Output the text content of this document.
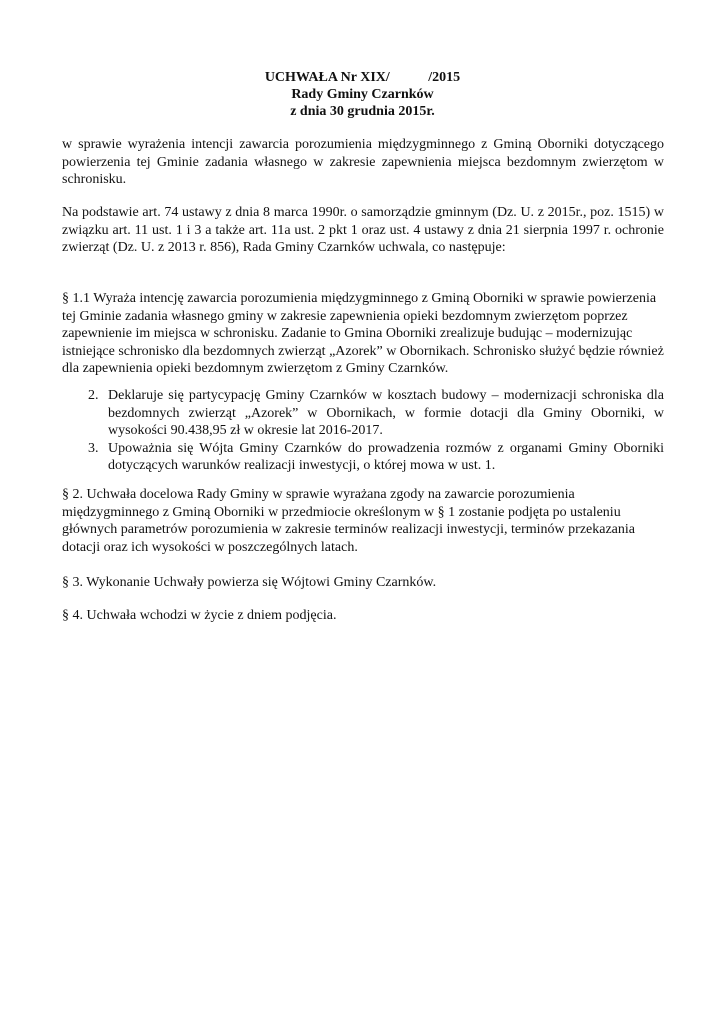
UCHWAŁA Nr XIX/           /2015
Rady Gminy Czarnków
z dnia 30 grudnia 2015r.
w sprawie wyrażenia intencji zawarcia porozumienia międzygminnego z Gminą Oborniki dotyczącego powierzenia tej Gminie zadania własnego w zakresie zapewnienia miejsca bezdomnym zwierzętom w schronisku.
Na podstawie art. 74 ustawy z dnia 8 marca 1990r. o samorządzie gminnym (Dz. U. z 2015r., poz. 1515) w związku art. 11 ust. 1 i 3 a także art. 11a ust. 2 pkt 1 oraz ust. 4 ustawy z dnia 21 sierpnia 1997 r. ochronie zwierząt (Dz. U. z 2013 r. 856), Rada Gminy Czarnków uchwala, co następuje:
§ 1.1 Wyraża intencję zawarcia porozumienia międzygminnego z Gminą Oborniki w sprawie powierzenia tej Gminie zadania własnego gminy w zakresie zapewnienia opieki bezdomnym zwierzętom poprzez zapewnienie im miejsca w schronisku. Zadanie to Gmina Oborniki zrealizuje budując – modernizując istniejące schronisko dla bezdomnych zwierząt „Azorek” w Obornikach. Schronisko służyć będzie również dla zapewnienia opieki bezdomnym zwierzętom z Gminy Czarnków.
2. Deklaruje się partycypację Gminy Czarnków w kosztach budowy – modernizacji schroniska dla bezdomnych zwierząt „Azorek” w Obornikach, w formie dotacji dla Gminy Oborniki, w wysokości 90.438,95 zł w okresie lat 2016-2017.
3. Upoważnia się Wójta Gminy Czarnków do prowadzenia rozmów z organami Gminy Oborniki dotyczących warunków realizacji inwestycji, o której mowa w ust. 1.
§ 2. Uchwała docelowa Rady Gminy w sprawie wyrażana zgody na zawarcie porozumienia międzygminnego z Gminą Oborniki w przedmiocie określonym w § 1 zostanie podjęta po ustaleniu głównych parametrów porozumienia w zakresie terminów realizacji inwestycji, terminów przekazania dotacji oraz ich wysokości w poszczególnych latach.
§ 3. Wykonanie Uchwały powierza się Wójtowi Gminy Czarnków.
§ 4. Uchwała wchodzi w życie z dniem podjęcia.
